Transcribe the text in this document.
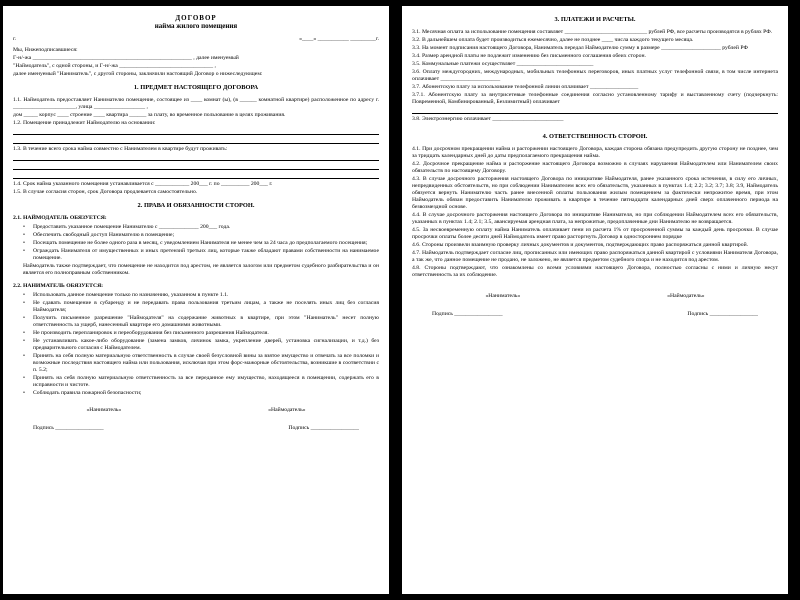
ДОГОВОР
найма жилого помещения
г.	«____» ___________ _________г.
Мы, Нижеподписавшиеся:
Г-н/-жа ________________________________________________________ , далее именуемый
"Наймодатель", с одной стороны, и Г-н/-жа _________________________________ ,
далее именуемый "Наниматель", с другой стороны, заключили настоящий Договор о нижеследующем:
1. ПРЕДМЕТ НАСТОЯЩЕГО ДОГОВОРА
1.1. Наймодатель предоставляет Нанимателю помещение, состоящее из ____ комнат (ы), (в ______ комнатной квартире) расположенное по адресу г. ______________________, улица __________________ ,
дом _____ корпус ____ строение ____ квартира ______ за плату, во временное пользование в целях проживания.
1.2. Помещение принадлежит Наймодателю на основании:
1.3. В течение всего срока найма совместно с Нанимателем в квартире будут проживать:
1.4. Срок найма указанного помещения устанавливается с ____________ 200___ г. по __________ 200___ г.
1.5. В случае согласия сторон, срок Договора продлевается самостоятельно.
2. ПРАВА И ОБЯЗАННОСТИ СТОРОН.
2.1. НАЙМОДАТЕЛЬ ОБЯЗУЕТСЯ:
• Предоставить указанное помещение Нанимателю с ______________ 200___ года.
• Обеспечить свободный доступ Нанимателю в помещение;
• Посещать помещение не более одного раза в месяц, с уведомлением Нанимателя не менее чем за 24 часа до предполагаемого посещения;
• Ограждать Нанимателя от имущественных и иных претензий третьих лиц, которые также обладают правами собственности на нанимаемое помещение.
Наймодатель также подтверждает, что помещение не находится под арестом, не является залогом или предметом судебного разбирательства и он является его полноправным собственником.
2.2. НАНИМАТЕЛЬ ОБЯЗУЕТСЯ:
• Использовать данное помещение только по назначению, указанном в пункте 1.1.
• Не сдавать помещение в субаренду и не передавать права пользования третьим лицам, а также не поселять иных лиц без согласия Наймодателя;
• Получить письменное разрешение "Наймодателя" на содержание животных в квартире, при этом "Наниматель" несет полную ответственность за ущерб, нанесенный квартире его домашними животными.
• Не производить перепланировок и переоборудования без письменного разрешения Наймодателя.
• Не устанавливать какое-либо оборудование (замена замков, личинок замка, укрепление дверей, установка сигнализации, и т.д.) без предварительного согласия с Наймодателем.
• Принять на себя полную материальную ответственность в случае своей безусловной вины за взятое имущество и отвечать за все поломки и возможные последствия настоящего найма или пользования, исключая при этом форс-мажорные обстоятельства, возникшие в соответствии с п. 5.2;
• Принять на себя полную материальную ответственность за все переданное ему имущество, находящееся в помещении, содержать его в исправности и чистоте.
• Соблюдать правила пожарной безопасности;
«Наниматель»	«Наймодатель»
Подпись _________________	Подпись _________________
3. ПЛАТЕЖИ И РАСЧЕТЫ.
3.1. Месячная оплата за использование помещения составляет _____________________________ рублей РФ, все расчеты производятся в рублях РФ.
3.2. В дальнейшем оплата будет производиться ежемесячно, далее не позднее ____ числа каждого текущего месяца.
3.3. На момент подписания настоящего Договора, Наниматель передал Наймодателю сумму в размере _____________________ рублей РФ
3.4. Размер арендной платы не подлежит изменению без письменного соглашения обеих сторон.
3.5. Коммунальные платежи осуществляет ___________________________
3.6. Оплату междугородних, международных, мобильных телефонных переговоров, иных платных услуг телефонной связи, в том числе интернета оплачивает _____________________
3.7. Абонентскую плату за использование телефонной линии оплачивает _________________
3.7.1. Абонентскую плату за внутрисетевые телефонные соединения согласно установленному тарифу и выставленному счету (подчеркнуть: Повременной, Комбинированный, Безлимитный) оплачивает
3.8. Электроэнергию оплачивает _________________________
4. ОТВЕТСТВЕННОСТЬ СТОРОН.
4.1. При досрочном прекращении найма и расторжении настоящего Договора, каждая сторона обязана предупредить другую сторону не позднее, чем за тридцать календарных дней до даты предполагаемого прекращения найма.
4.2. Досрочное прекращение найма и расторжение настоящего Договора возможно в случаях нарушения Наймодателем или Нанимателем своих обязательств по настоящему Договору.
4.3. В случае досрочного расторжения настоящего Договора по инициативе Наймодателя, ранее указанного срока истечения, в силу его личных, непредвиденных обстоятельств, но при соблюдении Нанимателем всех его обязательств, указанных в пунктах 1.4; 2.2; 3.2; 3.7; 3.8; 3.9, Наймодатель обязуется вернуть Нанимателю часть ранее внесенной оплаты пользования жилым помещением за фактически непрожитое время, при этом Наймодатель обязан предоставить Нанимателю проживать в квартире в течение пятнадцати календарных дней сверх оплаченного периода на безвозмездной основе.
4.4. В случае досрочного расторжения настоящего Договора по инициативе Нанимателя, но при соблюдении Наймодателем всех его обязательств, указанных в пунктах 1.4; 2.1; 3.5, авансируемая арендная плата, за непрожитые, предоплаченные дни Нанимателю не возвращается.
4.5. За несвоевременную оплату найма Наниматель оплачивает пени из расчета 1% от просроченной суммы за каждый день просрочки. В случае просрочки оплаты более десяти дней Наймодатель имеет право расторгнуть Договор в одностороннем порядке
4.6. Стороны произвели взаимную проверку личных документов и документов, подтверждающих право распоряжаться данной квартирой.
4.7. Наймодатель подтверждает согласие лиц, прописанных или имеющих право распоряжаться данной квартирой с условиями Нанимателя Договора, а так же, что данное помещение не продано, не заложено, не является предметом судебного спора и не находится под арестом.
4.8. Стороны подтверждают, что ознакомлены со всеми условиями настоящего Договора, полностью согласны с ними и личную несут ответственность за их соблюдение.
«Наниматель»	«Наймодатель»
Подпись _________________	Подпись _________________
